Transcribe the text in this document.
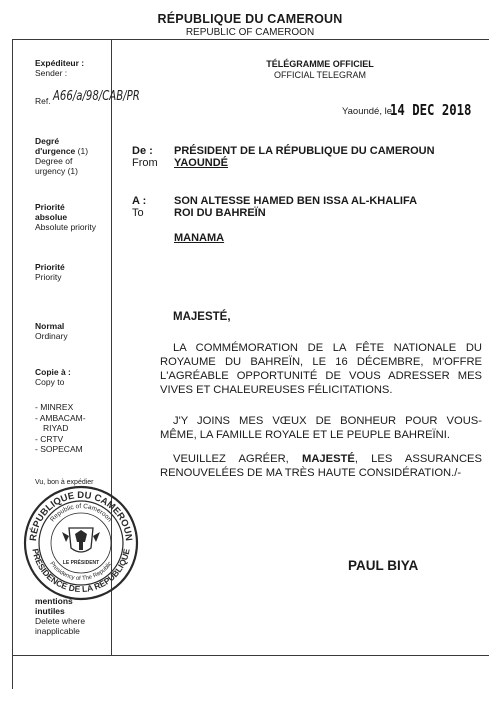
RÉPUBLIQUE DU CAMEROUN
REPUBLIC OF CAMEROON
Expéditeur :
Sender :
Ref. A66/a/98/CAB/PR
Degré
d'urgence (1)
Degree of
urgency (1)
Priorité
absolue
Absolute priority
Priorité
Priority
Normal
Ordinary
Copie à :
Copy to
- MINREX
- AMBACAM-
RIYAD
- CRTV
- SOPECAM
Vu, bon à expédier
mentions
inutiles
Delete where
inapplicable
RÉPUBLIQUE DU CAMEROUN
PRÉSIDENCE DE LA RÉPUBLIQUE
Republic of Cameroon
Presidency of The Republic
LE PRÉSIDENT
TÉLÉGRAMME OFFICIEL
OFFICIAL TELEGRAM
Yaoundé, le
14 DEC 2018
De :
From
PRÉSIDENT DE LA RÉPUBLIQUE DU CAMEROUN
YAOUNDÉ
A :
To
SON ALTESSE HAMED BEN ISSA AL-KHALIFA
ROI DU BAHREÏN
MANAMA
MAJESTÉ,
LA COMMÉMORATION DE LA FÊTE NATIONALE DU
ROYAUME DU BAHREÏN, LE 16 DÉCEMBRE, M'OFFRE
L'AGRÉABLE OPPORTUNITÉ DE VOUS ADRESSER MES
VIVES ET CHALEUREUSES FÉLICITATIONS.
J'Y JOINS MES VŒUX DE BONHEUR POUR VOUS-
MÊME, LA FAMILLE ROYALE ET LE PEUPLE BAHREÏNI.
VEUILLEZ AGRÉER, MAJESTÉ, LES ASSURANCES
RENOUVELÉES DE MA TRÈS HAUTE CONSIDÉRATION./-
PAUL BIYA
